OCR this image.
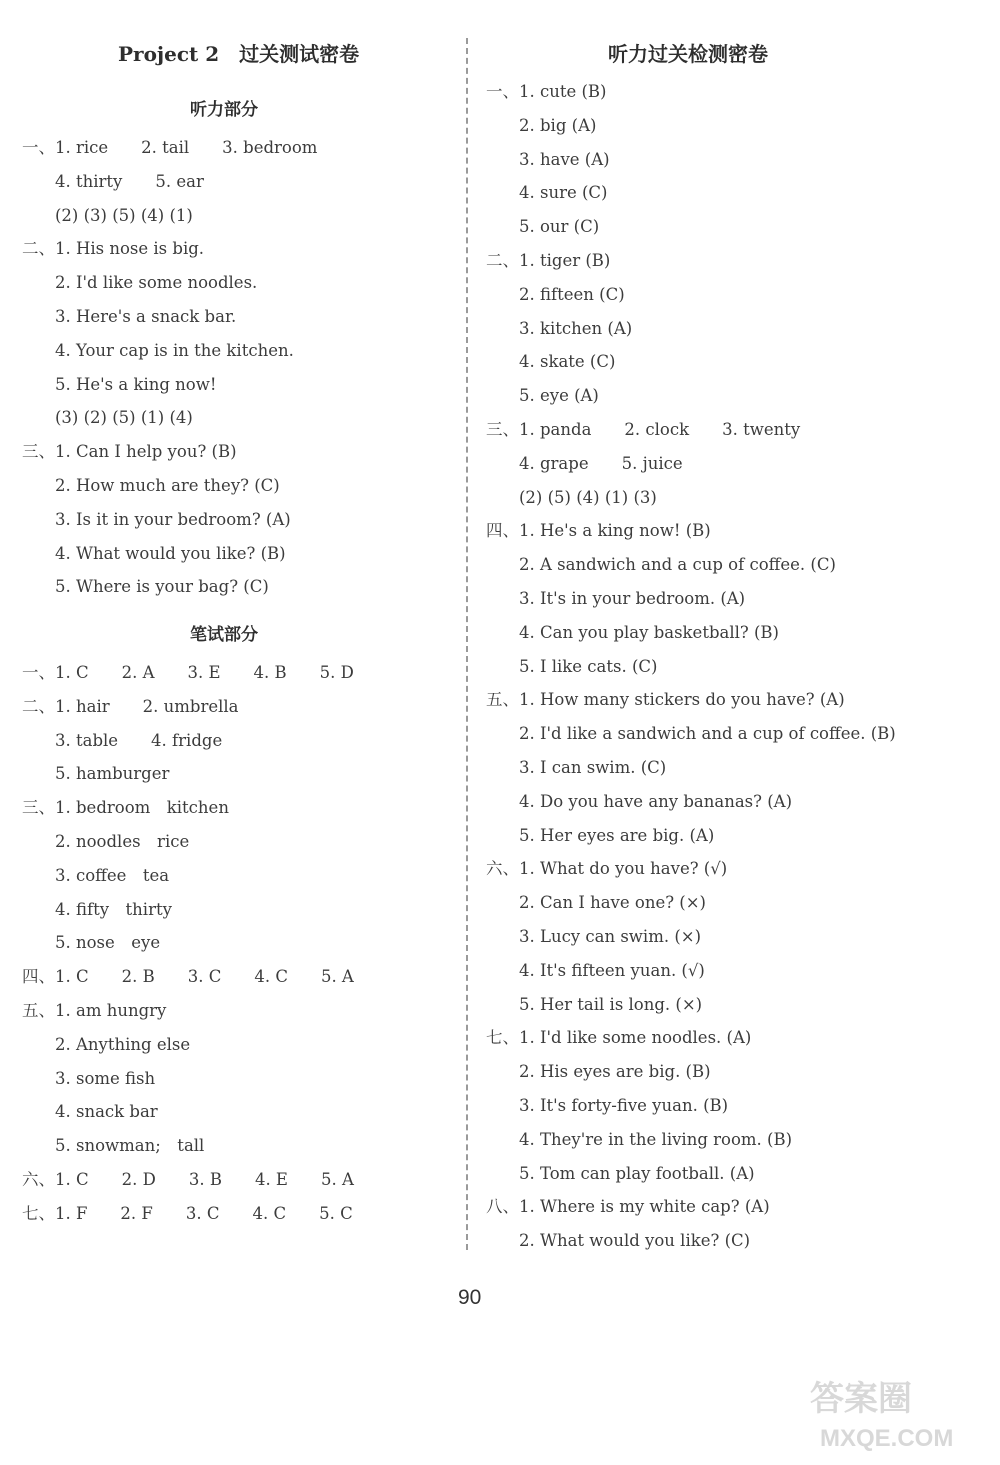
Project 2　过关测试密卷
听力部分
一、1. rice　　2. tail　　3. bedroom
　　4. thirty　　5. ear
　　(2) (3) (5) (4) (1)
二、1. His nose is big.
　　2. I'd like some noodles.
　　3. Here's a snack bar.
　　4. Your cap is in the kitchen.
　　5. He's a king now!
　　(3) (2) (5) (1) (4)
三、1. Can I help you? (B)
　　2. How much are they? (C)
　　3. Is it in your bedroom? (A)
　　4. What would you like? (B)
　　5. Where is your bag? (C)
笔试部分
一、1. C　　2. A　　3. E　　4. B　　5. D
二、1. hair　　2. umbrella
　　3. table　　4. fridge
　　5. hamburger
三、1. bedroom　kitchen
　　2. noodles　rice
　　3. coffee　tea
　　4. fifty　thirty
　　5. nose　eye
四、1. C　　2. B　　3. C　　4. C　　5. A
五、1. am hungry
　　2. Anything else
　　3. some fish
　　4. snack bar
　　5. snowman;　tall
六、1. C　　2. D　　3. B　　4. E　　5. A
七、1. F　　2. F　　3. C　　4. C　　5. C
听力过关检测密卷
一、1. cute (B)
　　2. big (A)
　　3. have (A)
　　4. sure (C)
　　5. our (C)
二、1. tiger (B)
　　2. fifteen (C)
　　3. kitchen (A)
　　4. skate (C)
　　5. eye (A)
三、1. panda　　2. clock　　3. twenty
　　4. grape　　5. juice
　　(2) (5) (4) (1) (3)
四、1. He's a king now! (B)
　　2. A sandwich and a cup of coffee. (C)
　　3. It's in your bedroom. (A)
　　4. Can you play basketball? (B)
　　5. I like cats. (C)
五、1. How many stickers do you have? (A)
　　2. I'd like a sandwich and a cup of coffee. (B)
　　3. I can swim. (C)
　　4. Do you have any bananas? (A)
　　5. Her eyes are big. (A)
六、1. What do you have? (√)
　　2. Can I have one? (×)
　　3. Lucy can swim. (×)
　　4. It's fifteen yuan. (√)
　　5. Her tail is long. (×)
七、1. I'd like some noodles. (A)
　　2. His eyes are big. (B)
　　3. It's forty-five yuan. (B)
　　4. They're in the living room. (B)
　　5. Tom can play football. (A)
八、1. Where is my white cap? (A)
　　2. What would you like? (C)
90
答案圈
MXQE.COM
